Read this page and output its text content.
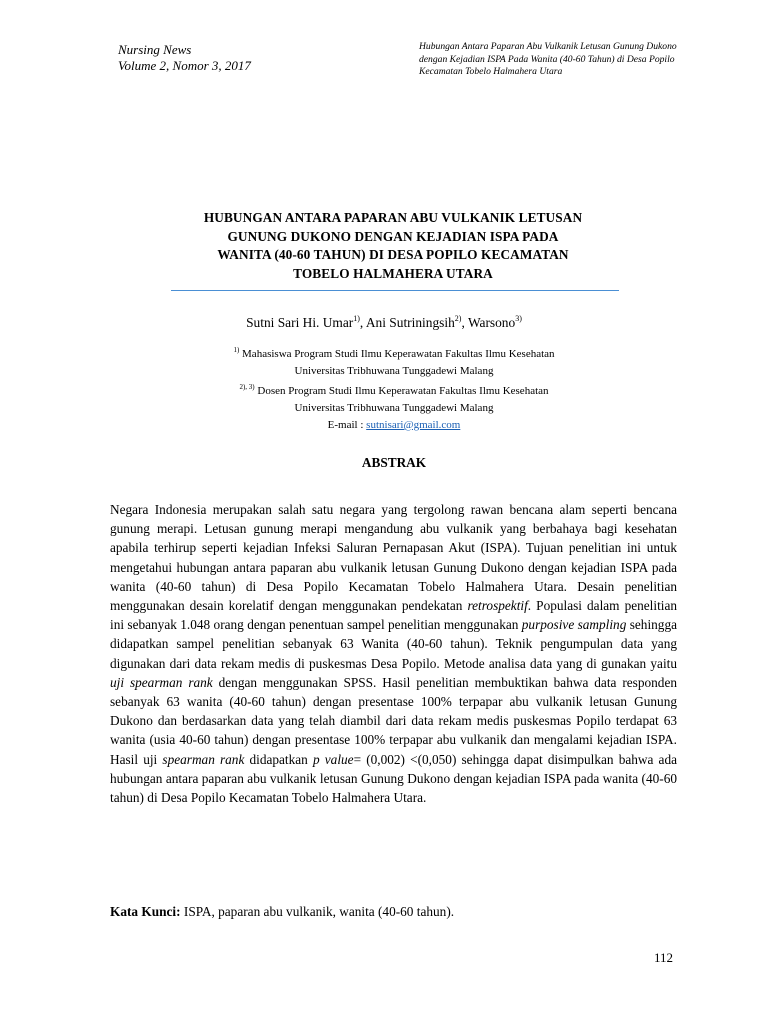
Nursing News
Volume 2, Nomor 3, 2017
Hubungan Antara Paparan Abu Vulkanik Letusan Gunung Dukono dengan Kejadian ISPA Pada Wanita (40-60 Tahun) di Desa Popilo Kecamatan Tobelo Halmahera Utara
HUBUNGAN ANTARA PAPARAN ABU VULKANIK LETUSAN
GUNUNG DUKONO DENGAN KEJADIAN ISPA PADA
WANITA (40-60 TAHUN) DI DESA POPILO KECAMATAN
TOBELO HALMAHERA UTARA
Sutni Sari Hi. Umar$^{1)}$, Ani Sutriningsih$^{2)}$, Warsono$^{3)}$
$^{1)}$ Mahasiswa Program Studi Ilmu Keperawatan Fakultas Ilmu Kesehatan
Universitas Tribhuwana Tunggadewi Malang
$^{2), 3)}$ Dosen Program Studi Ilmu Keperawatan Fakultas Ilmu Kesehatan
Universitas Tribhuwana Tunggadewi Malang
E-mail : sutnisari@gmail.com
ABSTRAK

Negara Indonesia merupakan salah satu negara yang tergolong rawan bencana alam seperti bencana gunung merapi. Letusan gunung merapi mengandung abu vulkanik yang berbahaya bagi kesehatan apabila terhirup seperti kejadian Infeksi Saluran Pernapasan Akut (ISPA). Tujuan penelitian ini untuk mengetahui hubungan antara paparan abu vulkanik letusan Gunung Dukono dengan kejadian ISPA pada wanita (40-60 tahun) di Desa Popilo Kecamatan Tobelo Halmahera Utara. Desain penelitian menggunakan desain korelatif dengan menggunakan pendekatan retrospektif. Populasi dalam penelitian ini sebanyak 1.048 orang dengan penentuan sampel penelitian menggunakan purposive sampling sehingga didapatkan sampel penelitian sebanyak 63 Wanita (40-60 tahun). Teknik pengumpulan data yang digunakan dari data rekam medis di puskesmas Desa Popilo. Metode analisa data yang di gunakan yaitu uji spearman rank dengan menggunakan SPSS. Hasil penelitian membuktikan bahwa data responden sebanyak 63 wanita (40-60 tahun) dengan presentase 100% terpapar abu vulkanik letusan Gunung Dukono dan berdasarkan data yang telah diambil dari data rekam medis puskesmas Popilo terdapat 63 wanita (usia 40-60 tahun) dengan presentase 100% terpapar abu vulkanik dan mengalami kejadian ISPA. Hasil uji spearman rank didapatkan p value= (0,002) <(0,050) sehingga dapat disimpulkan bahwa ada hubungan antara paparan abu vulkanik letusan Gunung Dukono dengan kejadian ISPA pada wanita (40-60 tahun) di Desa Popilo Kecamatan Tobelo Halmahera Utara.

Kata Kunci: ISPA, paparan abu vulkanik, wanita (40-60 tahun).
112
